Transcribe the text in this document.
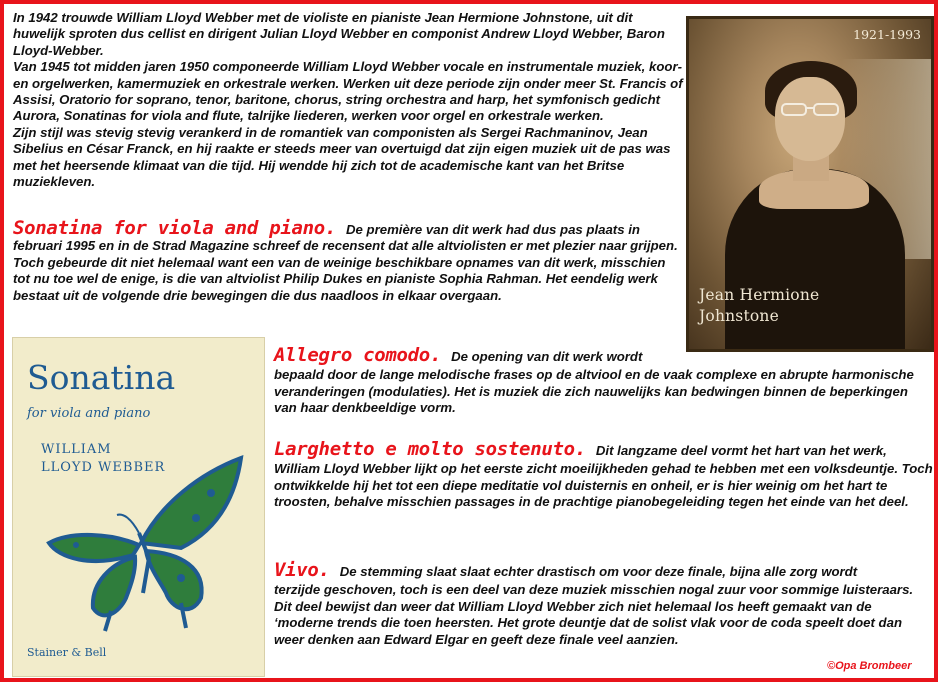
In 1942 trouwde William Lloyd Webber met de violiste en pianiste Jean Hermione Johnstone, uit dit huwelijk sproten dus cellist en dirigent Julian Lloyd Webber en componist Andrew Lloyd Webber, Baron Lloyd-Webber.

Van 1945 tot midden jaren 1950 componeerde William Lloyd Webber vocale en instrumentale muziek, koor- en orgelwerken, kamermuziek en orkestrale werken. Werken uit deze periode zijn onder meer St. Francis of Assisi, Oratorio for soprano, tenor, baritone, chorus, string orchestra and harp, het symfonisch gedicht Aurora, Sonatinas for viola and flute, talrijke liederen, werken voor orgel en orkestrale werken.

Zijn stijl was stevig stevig verankerd in de romantiek van componisten als Sergei Rachmaninov, Jean Sibelius en César Franck, en hij raakte er steeds meer van overtuigd dat zijn eigen muziek uit de pas was met het heersende klimaat van die tijd. Hij wendde hij zich tot de academische kant van het Britse muziekleven.

Sonatina for viola and piano. De première van dit werk had dus pas plaats in februari 1995 en in de Strad Magazine schreef de recensent dat alle altviolisten er met plezier naar grijpen. Toch gebeurde dit niet helemaal want een van de weinige beschikbare opnames van dit werk, misschien tot nu toe wel de enige, is die van altviolist Philip Dukes en pianiste Sophia Rahman. Het eendelig werk bestaat uit de volgende drie bewegingen die dus naadloos in elkaar overgaan.
1921-1993
Jean Hermione
Johnstone
Sonatina
for viola and piano
WILLIAM
LLOYD WEBBER
Stainer & Bell
Allegro comodo. De opening van dit werk wordt
bepaald door de lange melodische frases op de altviool en de vaak complexe en abrupte harmonische veranderingen (modulaties). Het is muziek die zich nauwelijks kan bedwingen binnen de beperkingen van haar denkbeeldige vorm.
Larghetto e molto sostenuto. Dit langzame deel vormt het hart van het werk,
William Lloyd Webber lijkt op het eerste zicht moeilijkheden gehad te hebben met een volksdeuntje. Toch ontwikkelde hij het tot een diepe meditatie vol duisternis en onheil, er is hier weinig om het hart te troosten, behalve misschien passages in de prachtige pianobegeleiding tegen het einde van het deel.
Vivo. De stemming slaat slaat echter drastisch om voor deze finale, bijna alle zorg wordt

terzijde geschoven, toch is een deel van deze muziek misschien nogal zuur voor sommige luisteraars.

Dit deel bewijst dan weer dat William Lloyd Webber zich niet helemaal los heeft gemaakt van de ‘moderne trends die toen heersten. Het grote deuntje dat de solist vlak voor de coda speelt doet dan weer denken aan Edward Elgar en geeft deze finale veel aanzien.

©Opa Brombeer
